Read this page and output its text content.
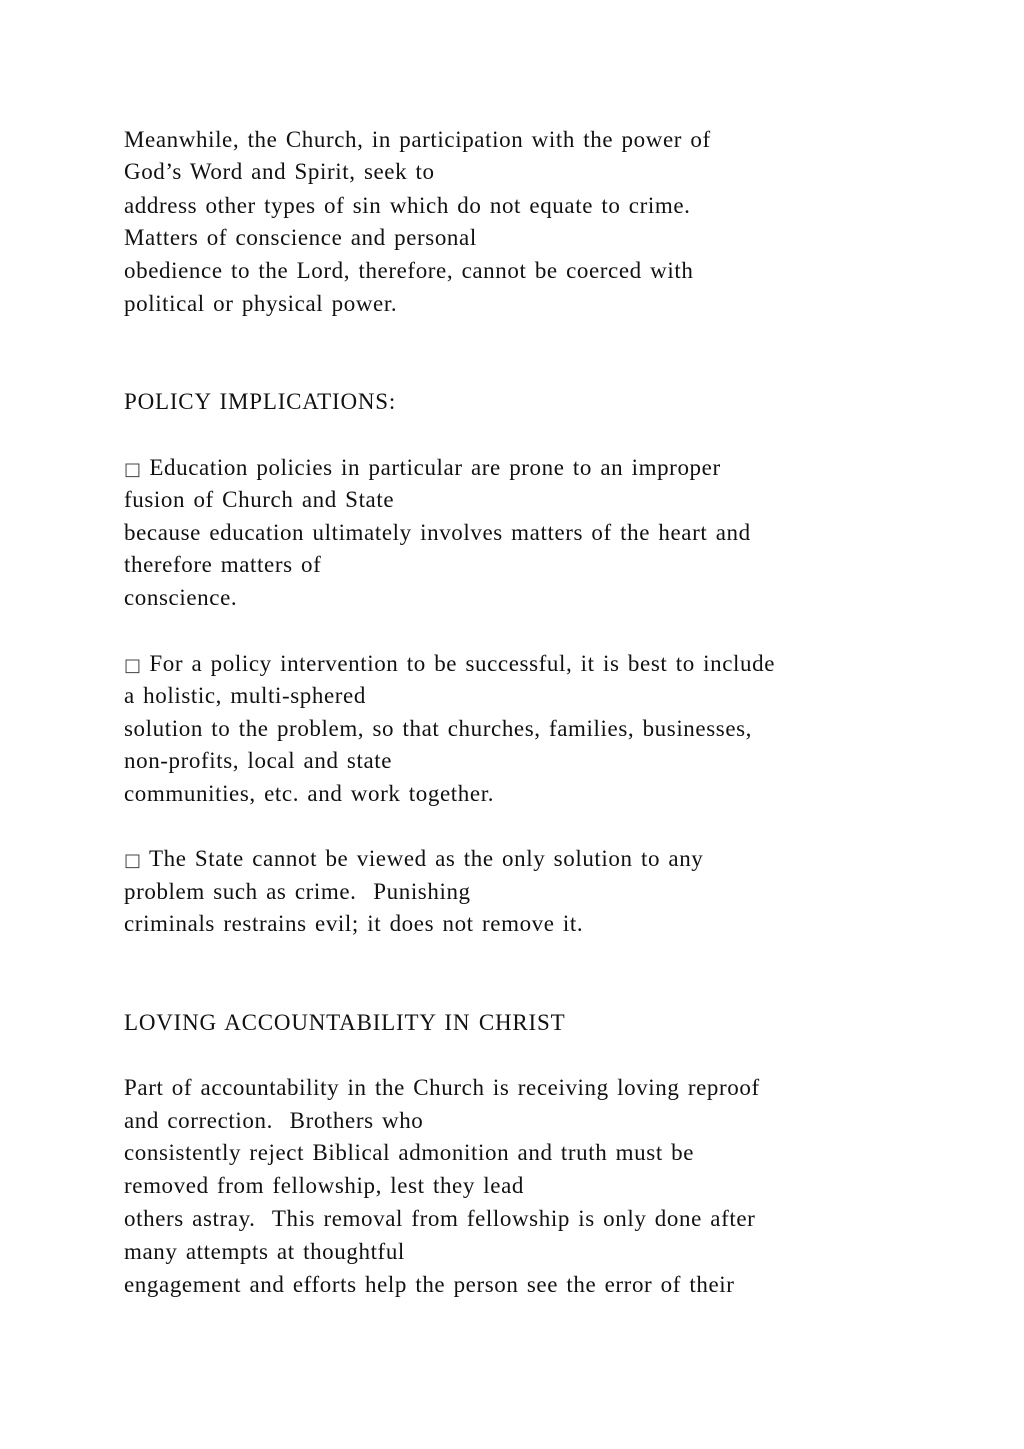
Meanwhile, the Church, in participation with the power of
God’s Word and Spirit, seek to
address other types of sin which do not equate to crime.
Matters of conscience and personal
obedience to the Lord, therefore, cannot be coerced with
political or physical power.
POLICY IMPLICATIONS:
□ Education policies in particular are prone to an improper
fusion of Church and State
because education ultimately involves matters of the heart and
therefore matters of
conscience.
□ For a policy intervention to be successful, it is best to include
a holistic, multi-sphered
solution to the problem, so that churches, families, businesses,
non-profits, local and state
communities, etc. and work together.
□ The State cannot be viewed as the only solution to any
problem such as crime.  Punishing
criminals restrains evil; it does not remove it.
LOVING ACCOUNTABILITY IN CHRIST
Part of accountability in the Church is receiving loving reproof
and correction.  Brothers who
consistently reject Biblical admonition and truth must be
removed from fellowship, lest they lead
others astray.  This removal from fellowship is only done after
many attempts at thoughtful
engagement and efforts help the person see the error of their
